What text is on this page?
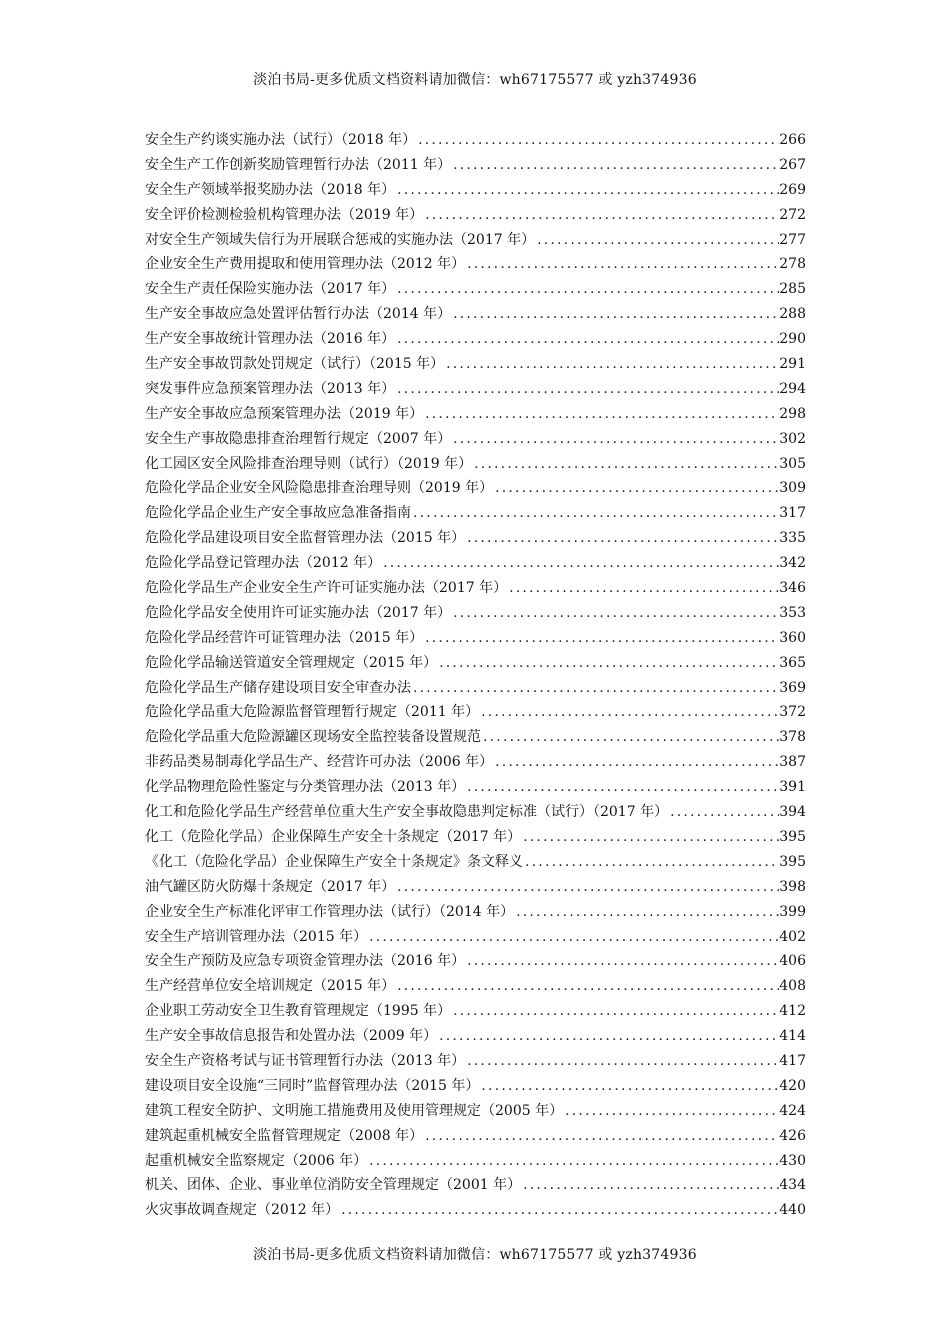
淡泊书局-更多优质文档资料请加微信：wh67175577 或 yzh374936
安全生产约谈实施办法（试行）（2018 年） .....	266
安全生产工作创新奖励管理暂行办法（2011 年） .....	267
安全生产领域举报奖励办法（2018 年） .....	269
安全评价检测检验机构管理办法（2019 年） .....	272
对安全生产领域失信行为开展联合惩戒的实施办法（2017 年） .....	277
企业安全生产费用提取和使用管理办法（2012 年） .....	278
安全生产责任保险实施办法（2017 年） .....	285
生产安全事故应急处置评估暂行办法（2014 年） .....	288
生产安全事故统计管理办法（2016 年） .....	290
生产安全事故罚款处罚规定（试行）（2015 年） .....	291
突发事件应急预案管理办法（2013 年） .....	294
生产安全事故应急预案管理办法（2019 年） .....	298
安全生产事故隐患排查治理暂行规定（2007 年） .....	302
化工园区安全风险排查治理导则（试行）（2019 年） .....	305
危险化学品企业安全风险隐患排查治理导则（2019 年） .....	309
危险化学品企业生产安全事故应急准备指南 .....	317
危险化学品建设项目安全监督管理办法（2015 年） .....	335
危险化学品登记管理办法（2012 年） .....	342
危险化学品生产企业安全生产许可证实施办法（2017 年） .....	346
危险化学品安全使用许可证实施办法（2017 年） .....	353
危险化学品经营许可证管理办法（2015 年） .....	360
危险化学品输送管道安全管理规定（2015 年） .....	365
危险化学品生产储存建设项目安全审查办法 .....	369
危险化学品重大危险源监督管理暂行规定（2011 年） .....	372
危险化学品重大危险源罐区现场安全监控装备设置规范 .....	378
非药品类易制毒化学品生产、经营许可办法（2006 年） .....	387
化学品物理危险性鉴定与分类管理办法（2013 年） .....	391
化工和危险化学品生产经营单位重大生产安全事故隐患判定标准（试行）（2017 年） .....	394
化工（危险化学品）企业保障生产安全十条规定（2017 年） .....	395
《化工（危险化学品）企业保障生产安全十条规定》条文释义 .....	395
油气罐区防火防爆十条规定（2017 年） .....	398
企业安全生产标准化评审工作管理办法（试行）（2014 年） .....	399
安全生产培训管理办法（2015 年） .....	402
安全生产预防及应急专项资金管理办法（2016 年） .....	406
生产经营单位安全培训规定（2015 年） .....	408
企业职工劳动安全卫生教育管理规定（1995 年） .....	412
生产安全事故信息报告和处置办法（2009 年） .....	414
安全生产资格考试与证书管理暂行办法（2013 年） .....	417
建设项目安全设施“三同时”监督管理办法（2015 年） .....	420
建筑工程安全防护、文明施工措施费用及使用管理规定（2005 年） .....	424
建筑起重机械安全监督管理规定（2008 年） .....	426
起重机械安全监察规定（2006 年） .....	430
机关、团体、企业、事业单位消防安全管理规定（2001 年） .....	434
火灾事故调查规定（2012 年） .....	440
淡泊书局-更多优质文档资料请加微信：wh67175577 或 yzh374936
